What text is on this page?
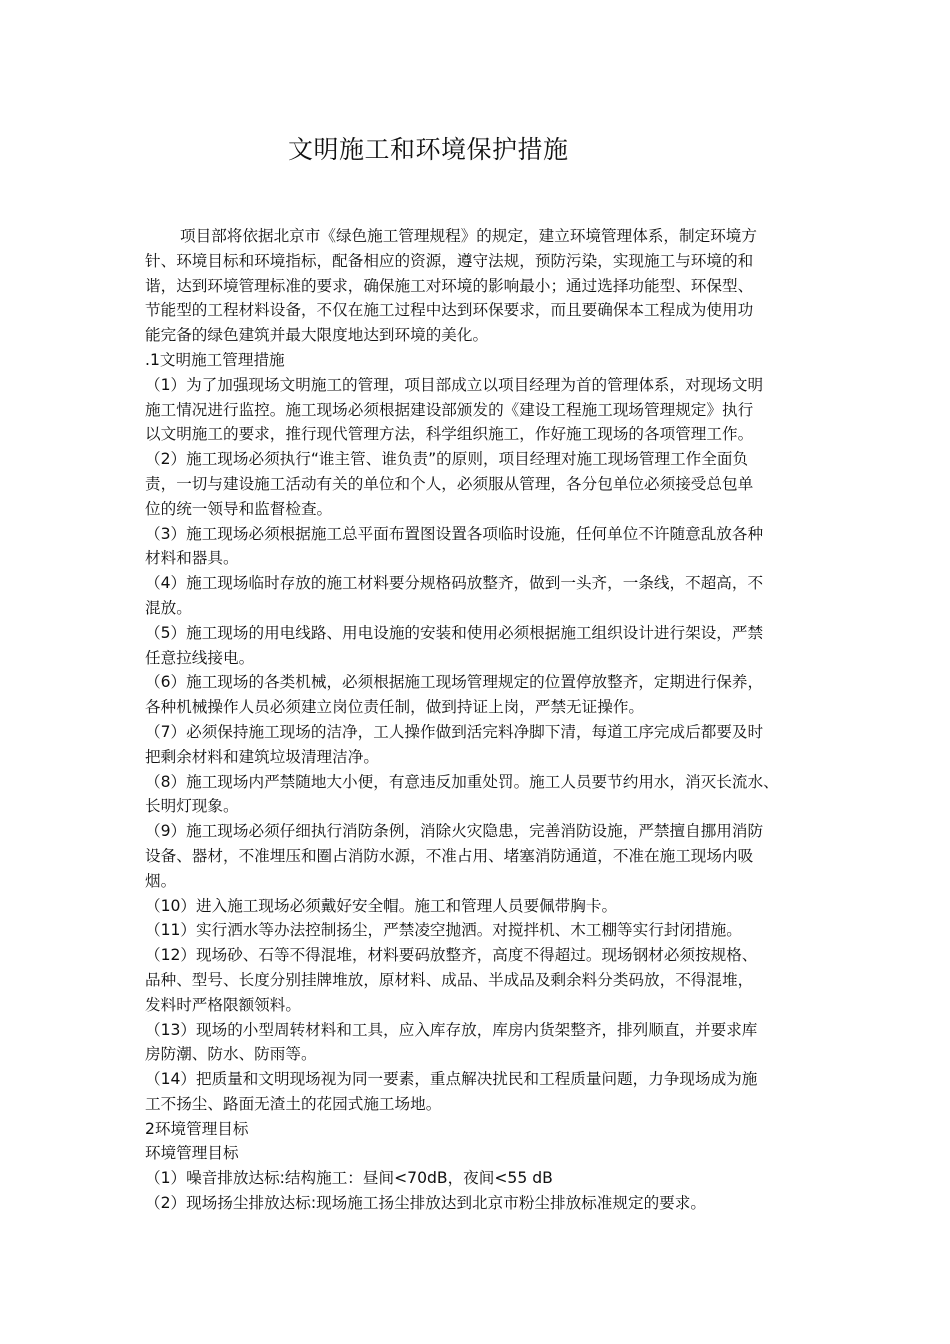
文明施工和环境保护措施
项目部将依据北京市《绿色施工管理规程》的规定，建立环境管理体系，制定环境方
针、环境目标和环境指标，配备相应的资源，遵守法规，预防污染，实现施工与环境的和
谐，达到环境管理标准的要求，确保施工对环境的影响最小；通过选择功能型、环保型、
节能型的工程材料设备，不仅在施工过程中达到环保要求，而且要确保本工程成为使用功
能完备的绿色建筑并最大限度地达到环境的美化。
.1文明施工管理措施
（1）为了加强现场文明施工的管理，项目部成立以项目经理为首的管理体系，对现场文明
施工情况进行监控。施工现场必须根据建设部颁发的《建设工程施工现场管理规定》执行
以文明施工的要求，推行现代管理方法，科学组织施工，作好施工现场的各项管理工作。
（2）施工现场必须执行“谁主管、谁负责”的原则，项目经理对施工现场管理工作全面负
责，一切与建设施工活动有关的单位和个人，必须服从管理，各分包单位必须接受总包单
位的统一领导和监督检查。
（3）施工现场必须根据施工总平面布置图设置各项临时设施，任何单位不许随意乱放各种
材料和器具。
（4）施工现场临时存放的施工材料要分规格码放整齐，做到一头齐，一条线，不超高，不
混放。
（5）施工现场的用电线路、用电设施的安装和使用必须根据施工组织设计进行架设，严禁
任意拉线接电。
（6）施工现场的各类机械，必须根据施工现场管理规定的位置停放整齐，定期进行保养，
各种机械操作人员必须建立岗位责任制，做到持证上岗，严禁无证操作。
（7）必须保持施工现场的洁净，工人操作做到活完料净脚下清，每道工序完成后都要及时
把剩余材料和建筑垃圾清理洁净。
（8）施工现场内严禁随地大小便，有意违反加重处罚。施工人员要节约用水，消灭长流水、
长明灯现象。
（9）施工现场必须仔细执行消防条例，消除火灾隐患，完善消防设施，严禁擅自挪用消防
设备、器材，不准埋压和圈占消防水源，不准占用、堵塞消防通道，不准在施工现场内吸
烟。
（10）进入施工现场必须戴好安全帽。施工和管理人员要佩带胸卡。
（11）实行洒水等办法控制扬尘，严禁凌空抛洒。对搅拌机、木工棚等实行封闭措施。
（12）现场砂、石等不得混堆，材料要码放整齐，高度不得超过。现场钢材必须按规格、
品种、型号、长度分别挂牌堆放，原材料、成品、半成品及剩余料分类码放，不得混堆，
发料时严格限额领料。
（13）现场的小型周转材料和工具，应入库存放，库房内货架整齐，排列顺直，并要求库
房防潮、防水、防雨等。
（14）把质量和文明现场视为同一要素，重点解决扰民和工程质量问题，力争现场成为施
工不扬尘、路面无渣土的花园式施工场地。
2环境管理目标
环境管理目标
（1）噪音排放达标:结构施工：昼间<70dB，夜间<55 dB
（2）现场扬尘排放达标:现场施工扬尘排放达到北京市粉尘排放标准规定的要求。
